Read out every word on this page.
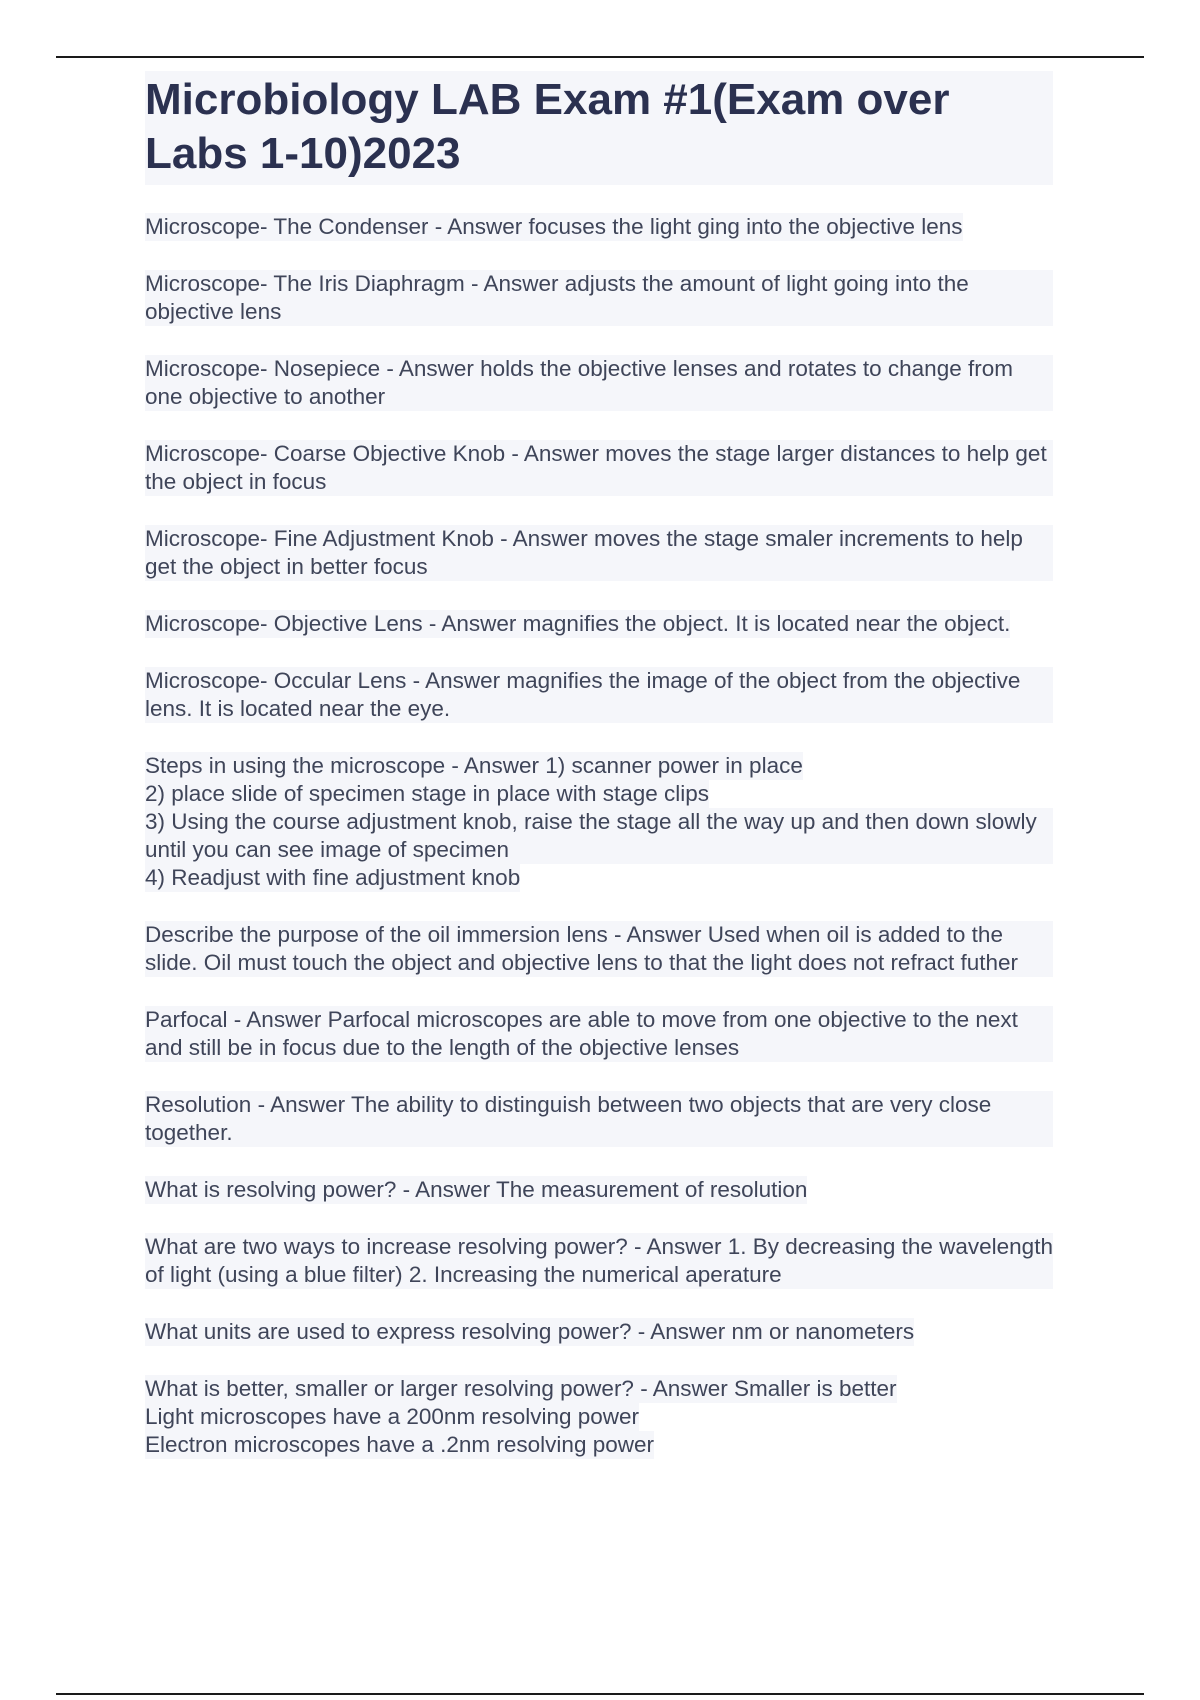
Microbiology LAB Exam #1(Exam over Labs 1-10)2023
Microscope- The Condenser - Answer focuses the light ging into the objective lens
Microscope- The Iris Diaphragm - Answer adjusts the amount of light going into the objective lens
Microscope- Nosepiece - Answer holds the objective lenses and rotates to change from one objective to another
Microscope- Coarse Objective Knob - Answer moves the stage larger distances to help get the object in focus
Microscope- Fine Adjustment Knob - Answer moves the stage smaler increments to help get the object in better focus
Microscope- Objective Lens - Answer magnifies the object. It is located near the object.
Microscope- Occular Lens - Answer magnifies the image of the object from the objective lens. It is located near the eye.
Steps in using the microscope - Answer 1) scanner power in place
2) place slide of specimen stage in place with stage clips
3) Using the course adjustment knob, raise the stage all the way up and then down slowly until you can see image of specimen
4) Readjust with fine adjustment knob
Describe the purpose of the oil immersion lens - Answer Used when oil is added to the slide. Oil must touch the object and objective lens to that the light does not refract futher
Parfocal - Answer Parfocal microscopes are able to move from one objective to the next and still be in focus due to the length of the objective lenses
Resolution - Answer The ability to distinguish between two objects that are very close together.
What is resolving power? - Answer The measurement of resolution
What are two ways to increase resolving power? - Answer 1. By decreasing the wavelength of light (using a blue filter) 2. Increasing the numerical aperature
What units are used to express resolving power? - Answer nm or nanometers
What is better, smaller or larger resolving power? - Answer Smaller is better
Light microscopes have a 200nm resolving power
Electron microscopes have a .2nm resolving power
